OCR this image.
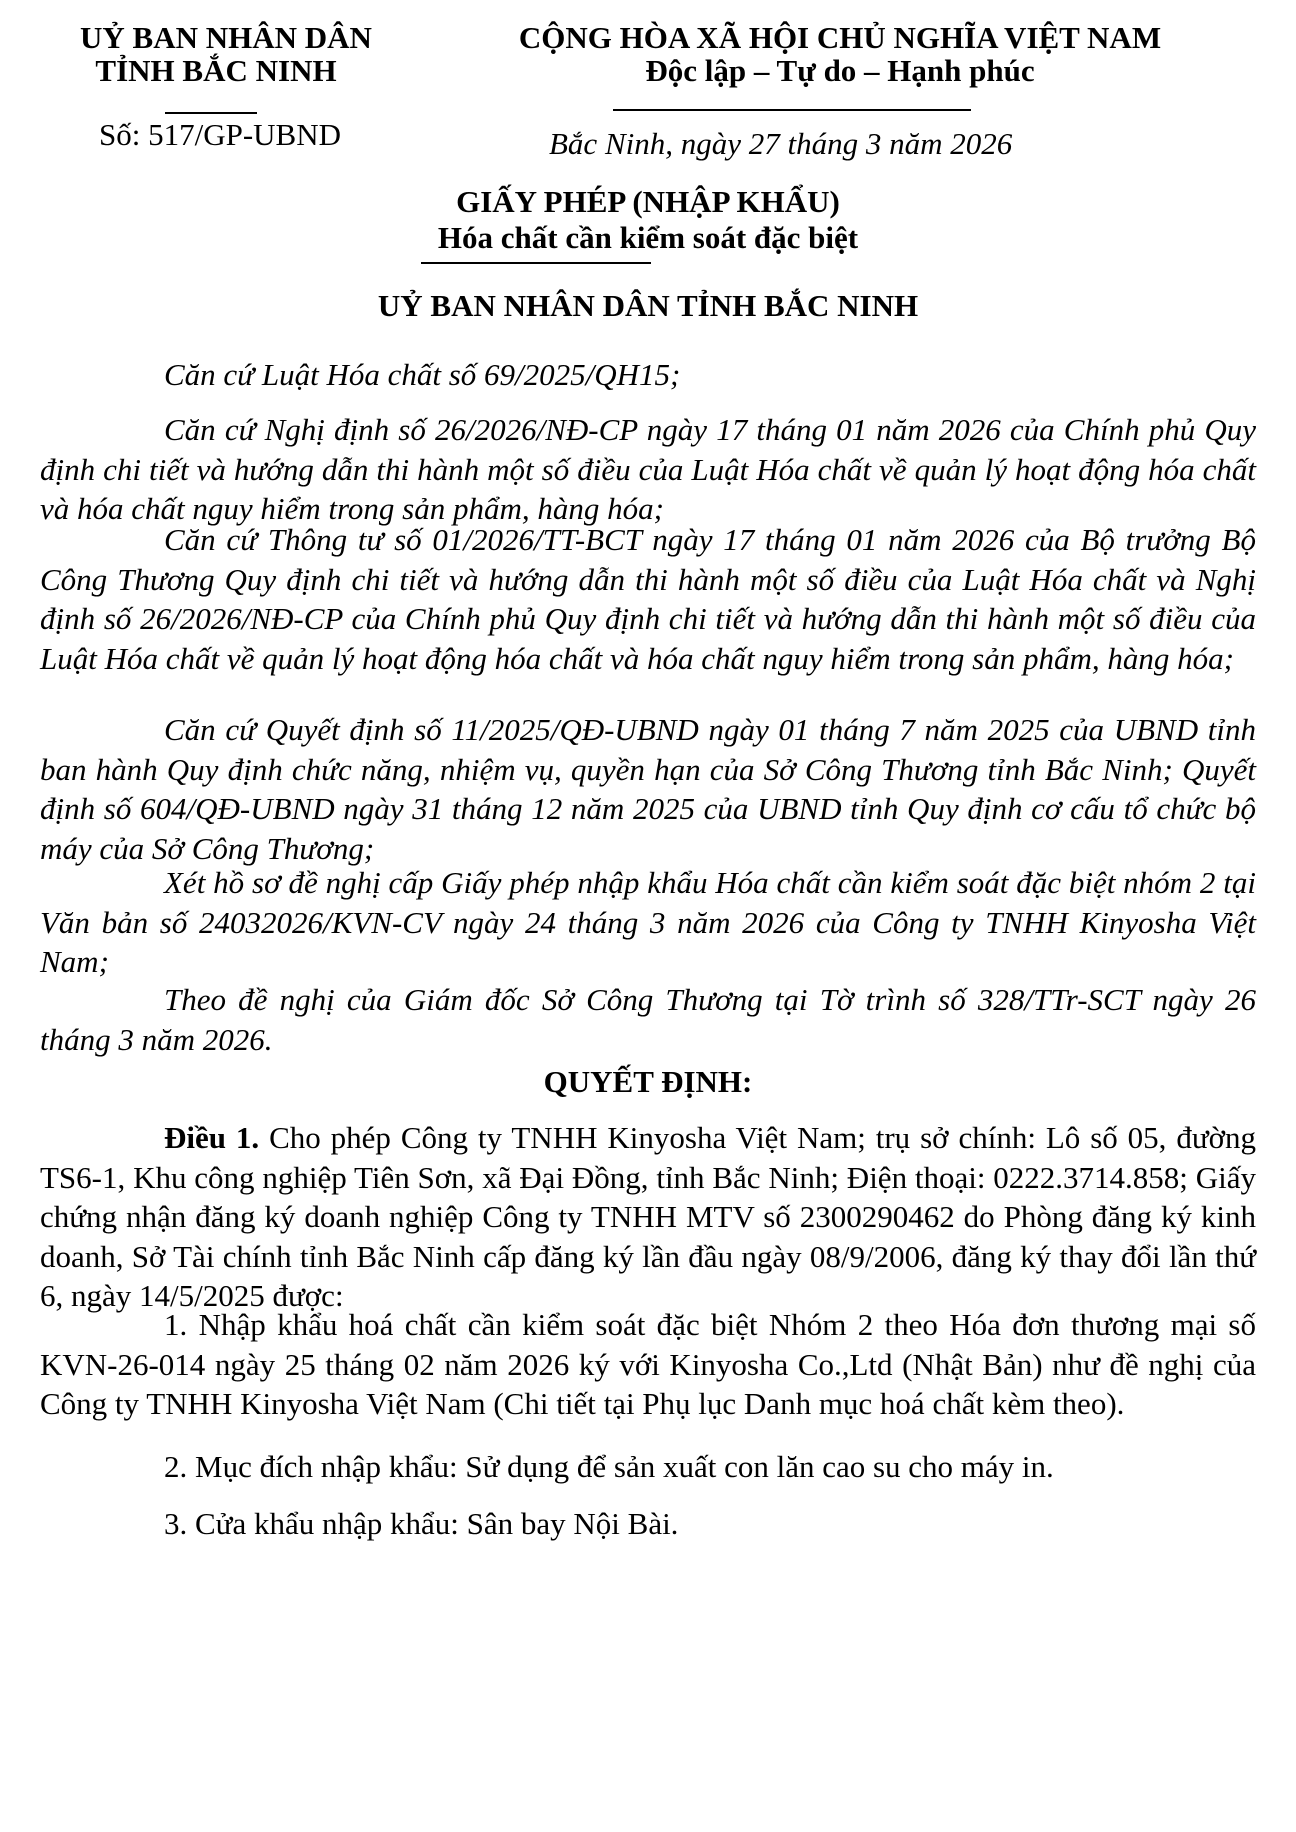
UỶ BAN NHÂN DÂN
TỈNH BẮC NINH
Số: 517/GP-UBND
CỘNG HÒA XÃ HỘI CHỦ NGHĨA VIỆT NAM
Độc lập – Tự do – Hạnh phúc
Bắc Ninh, ngày 27 tháng 3 năm 2026
GIẤY PHÉP (NHẬP KHẨU)
Hóa chất cần kiểm soát đặc biệt
UỶ BAN NHÂN DÂN TỈNH BẮC NINH
Căn cứ Luật Hóa chất số 69/2025/QH15;
Căn cứ Nghị định số 26/2026/NĐ-CP ngày 17 tháng 01 năm 2026 của Chính phủ Quy định chi tiết và hướng dẫn thi hành một số điều của Luật Hóa chất về quản lý hoạt động hóa chất và hóa chất nguy hiểm trong sản phẩm, hàng hóa;
Căn cứ Thông tư số 01/2026/TT-BCT ngày 17 tháng 01 năm 2026 của Bộ trưởng Bộ Công Thương Quy định chi tiết và hướng dẫn thi hành một số điều của Luật Hóa chất và Nghị định số 26/2026/NĐ-CP của Chính phủ Quy định chi tiết và hướng dẫn thi hành một số điều của Luật Hóa chất về quản lý hoạt động hóa chất và hóa chất nguy hiểm trong sản phẩm, hàng hóa;
Căn cứ Quyết định số 11/2025/QĐ-UBND ngày 01 tháng 7 năm 2025 của UBND tỉnh ban hành Quy định chức năng, nhiệm vụ, quyền hạn của Sở Công Thương tỉnh Bắc Ninh; Quyết định số 604/QĐ-UBND ngày 31 tháng 12 năm 2025 của UBND tỉnh Quy định cơ cấu tổ chức bộ máy của Sở Công Thương;
Xét hồ sơ đề nghị cấp Giấy phép nhập khẩu Hóa chất cần kiểm soát đặc biệt nhóm 2 tại Văn bản số 24032026/KVN-CV ngày 24 tháng 3 năm 2026 của Công ty TNHH Kinyosha Việt Nam;
Theo đề nghị của Giám đốc Sở Công Thương tại Tờ trình số 328/TTr-SCT ngày 26 tháng 3 năm 2026.
QUYẾT ĐỊNH:
Điều 1. Cho phép Công ty TNHH Kinyosha Việt Nam; trụ sở chính: Lô số 05, đường TS6-1, Khu công nghiệp Tiên Sơn, xã Đại Đồng, tỉnh Bắc Ninh; Điện thoại: 0222.3714.858; Giấy chứng nhận đăng ký doanh nghiệp Công ty TNHH MTV số 2300290462 do Phòng đăng ký kinh doanh, Sở Tài chính tỉnh Bắc Ninh cấp đăng ký lần đầu ngày 08/9/2006, đăng ký thay đổi lần thứ 6, ngày 14/5/2025 được:
1. Nhập khẩu hoá chất cần kiểm soát đặc biệt Nhóm 2 theo Hóa đơn thương mại số KVN-26-014 ngày 25 tháng 02 năm 2026 ký với Kinyosha Co.,Ltd (Nhật Bản) như đề nghị của Công ty TNHH Kinyosha Việt Nam (Chi tiết tại Phụ lục Danh mục hoá chất kèm theo).
2. Mục đích nhập khẩu: Sử dụng để sản xuất con lăn cao su cho máy in.
3. Cửa khẩu nhập khẩu: Sân bay Nội Bài.
